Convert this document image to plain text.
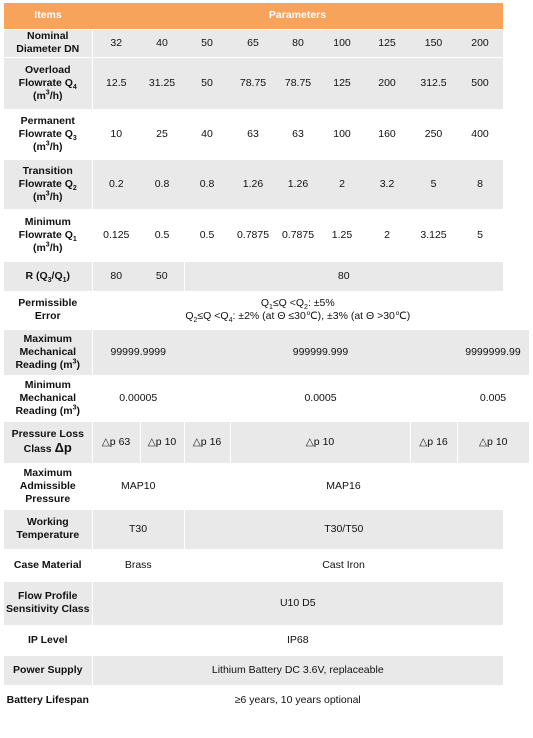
Items	Parameters								
Nominal
Diameter DN	32	40	50	65	80	100	125	150	200
Overload
Flowrate $Q_4$
$(m^3/h)$	12.5	31.25	50	78.75	78.75	125	200	312.5	500
Permanent
Flowrate $Q_3$
$(m^3/h)$	10	25	40	63	63	100	160	250	400
Transition
Flowrate $Q_2$
$(m^3/h)$	0.2	0.8	0.8	1.26	1.26	2	3.2	5	8
Minimum
Flowrate $Q_1$
$(m^3/h)$	0.125	0.5	0.5	0.7875	0.7875	1.25	2	3.125	5
R $(Q_3/Q_1)$	80	50	80						
Permissible Error	$Q_1\le Q <Q_2$: ±5%
$Q_2\le Q <Q_4$: ±2% (at Θ ≤30℃), ±3% (at Θ >30℃)								
Maximum
Mechanical
Reading $(m^3)$	99999.9999		999999.999						9999999.99
Minimum
Mechanical
Reading $(m^3)$	0.00005		0.0005						0.005
Pressure Loss
Class Δp	△p 63	△p 10	△p 16	△p 10				△p 16	△p 10
Maximum
Admissible
Pressure	MAP10		MAP16						
Working
Temperature	T30		T30/T50						
Case Material	Brass		Cast Iron						
Flow Profile
Sensitivity Class	U10 D5								
IP Level	IP68								
Power Supply	Lithium Battery DC 3.6V, replaceable								
Battery Lifespan	≥6 years, 10 years optional								
